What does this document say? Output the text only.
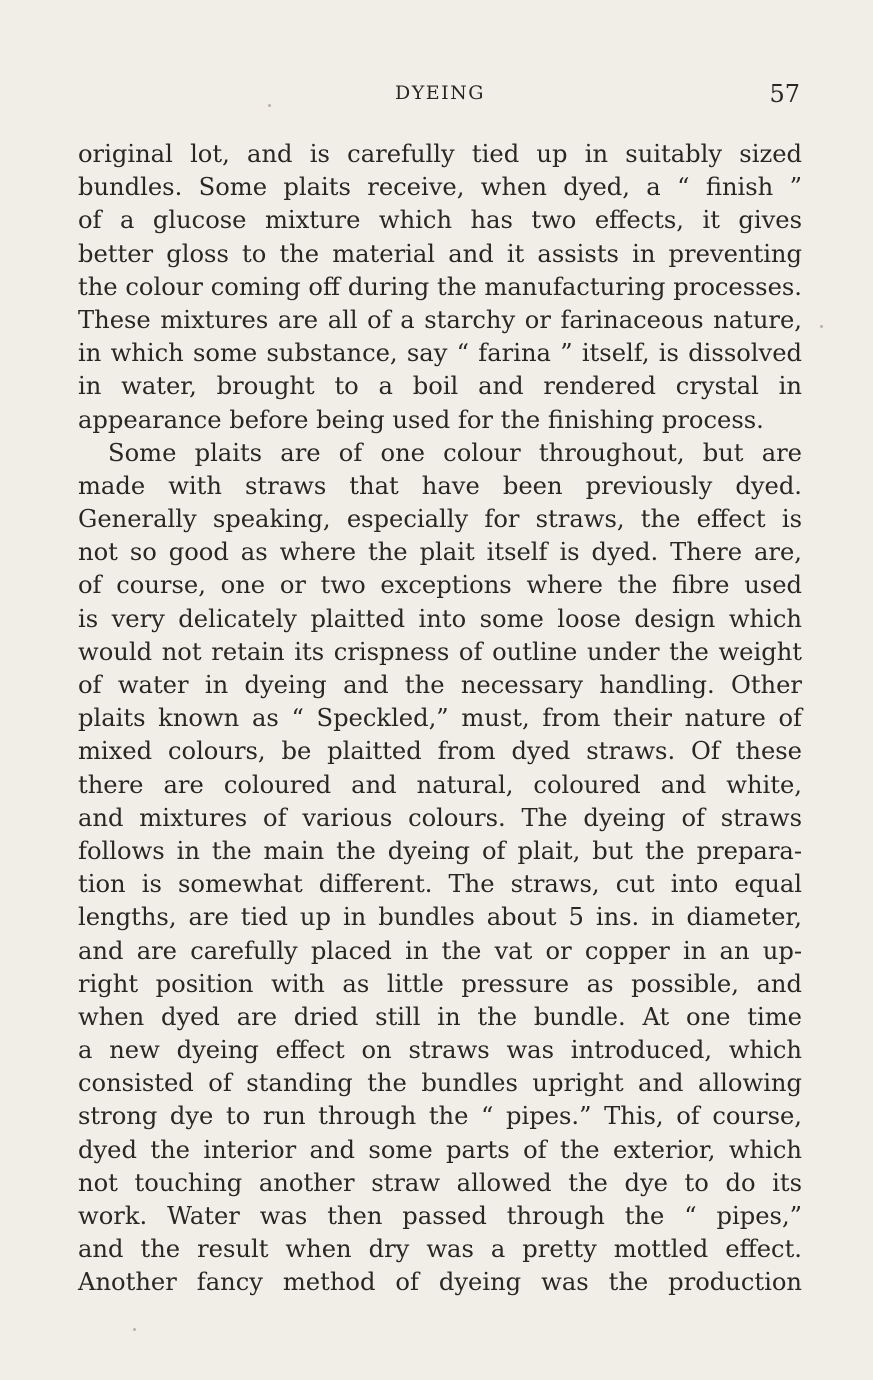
DYEING	57
original lot, and is carefully tied up in suitably sized
bundles. Some plaits receive, when dyed, a “ finish ”
of a glucose mixture which has two effects, it gives
better gloss to the material and it assists in preventing
the colour coming off during the manufacturing processes.
These mixtures are all of a starchy or farinaceous nature,
in which some substance, say “ farina ” itself, is dissolved
in water, brought to a boil and rendered crystal in
appearance before being used for the finishing process.
Some plaits are of one colour throughout, but are
made with straws that have been previously dyed.
Generally speaking, especially for straws, the effect is
not so good as where the plait itself is dyed. There are,
of course, one or two exceptions where the fibre used
is very delicately plaitted into some loose design which
would not retain its crispness of outline under the weight
of water in dyeing and the necessary handling. Other
plaits known as “ Speckled,” must, from their nature of
mixed colours, be plaitted from dyed straws. Of these
there are coloured and natural, coloured and white,
and mixtures of various colours. The dyeing of straws
follows in the main the dyeing of plait, but the prepara-
tion is somewhat different. The straws, cut into equal
lengths, are tied up in bundles about 5 ins. in diameter,
and are carefully placed in the vat or copper in an up-
right position with as little pressure as possible, and
when dyed are dried still in the bundle. At one time
a new dyeing effect on straws was introduced, which
consisted of standing the bundles upright and allowing
strong dye to run through the “ pipes.” This, of course,
dyed the interior and some parts of the exterior, which
not touching another straw allowed the dye to do its
work. Water was then passed through the “ pipes,”
and the result when dry was a pretty mottled effect.
Another fancy method of dyeing was the production
